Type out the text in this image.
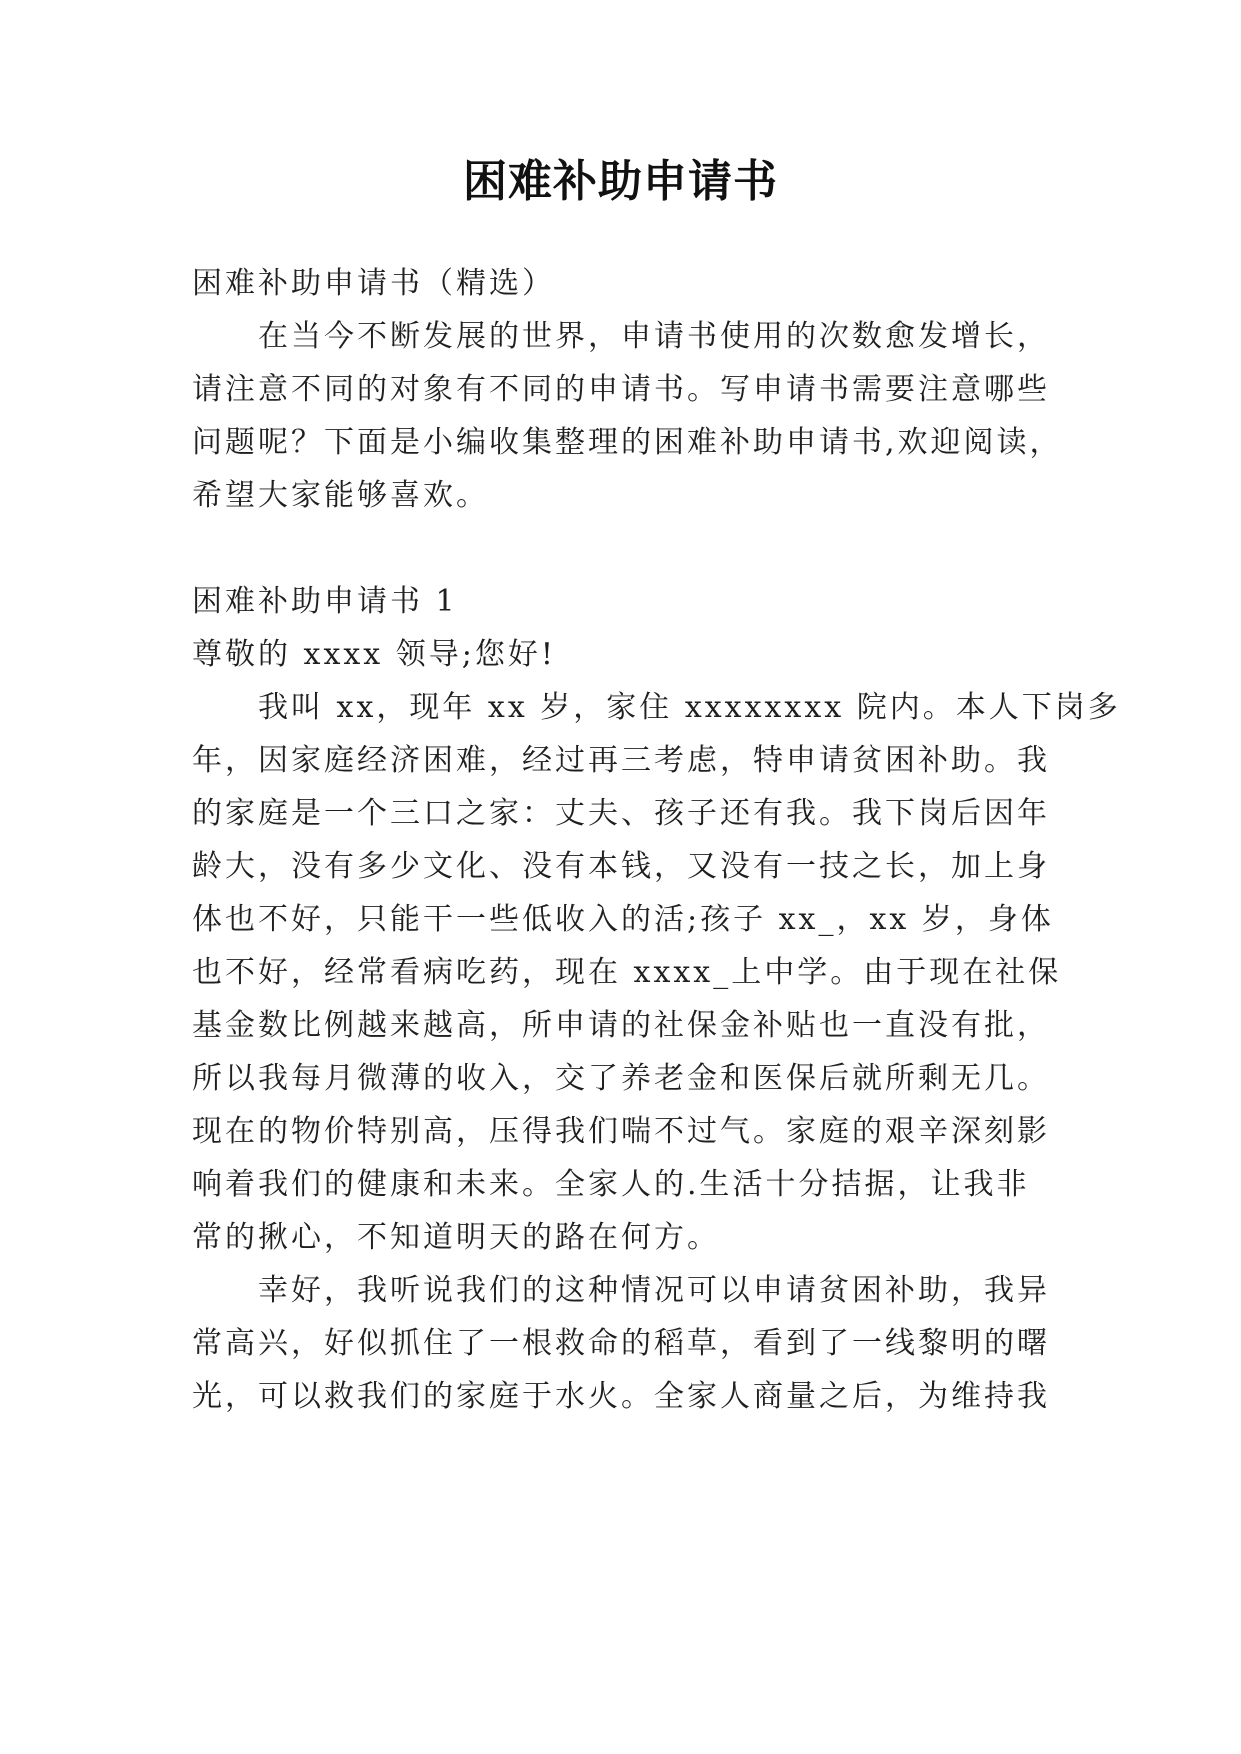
困难补助申请书
困难补助申请书（精选）
在当今不断发展的世界，申请书使用的次数愈发增长，
请注意不同的对象有不同的申请书。写申请书需要注意哪些
问题呢？下面是小编收集整理的困难补助申请书,欢迎阅读，
希望大家能够喜欢。
困难补助申请书 1
尊敬的 xxxx 领导;您好!
我叫 xx，现年 xx 岁，家住 xxxxxxxx 院内。本人下岗多
年，因家庭经济困难，经过再三考虑，特申请贫困补助。我
的家庭是一个三口之家：丈夫、孩子还有我。我下岗后因年
龄大，没有多少文化、没有本钱，又没有一技之长，加上身
体也不好，只能干一些低收入的活;孩子 xx_，xx 岁，身体
也不好，经常看病吃药，现在 xxxx_上中学。由于现在社保
基金数比例越来越高，所申请的社保金补贴也一直没有批，
所以我每月微薄的收入，交了养老金和医保后就所剩无几。
现在的物价特别高，压得我们喘不过气。家庭的艰辛深刻影
响着我们的健康和未来。全家人的.生活十分拮据，让我非
常的揪心，不知道明天的路在何方。
幸好，我听说我们的这种情况可以申请贫困补助，我异
常高兴，好似抓住了一根救命的稻草，看到了一线黎明的曙
光，可以救我们的家庭于水火。全家人商量之后，为维持我
